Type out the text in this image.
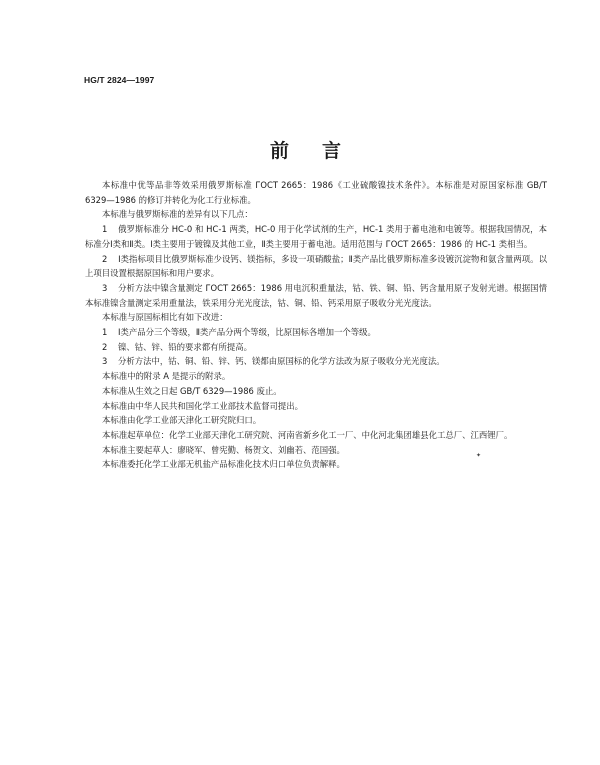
HG/T 2824—1997
前言

本标准中优等品非等效采用俄罗斯标准 ГОСТ 2665：1986《工业硫酸镍技术条件》。本标准是对原国家标准 GB/T 6329—1986 的修订并转化为化工行业标准。

本标准与俄罗斯标准的差异有以下几点：

1 俄罗斯标准分 HC-0 和 HC-1 两类，HC-0 用于化学试剂的生产，HC-1 类用于蓄电池和电镀等。根据我国情况，本标准分Ⅰ类和Ⅱ类。Ⅰ类主要用于镀镍及其他工业，Ⅱ类主要用于蓄电池。适用范围与 ГОСТ 2665：1986 的 HC-1 类相当。

2 Ⅰ类指标项目比俄罗斯标准少设钙、镁指标，多设一项硝酸盐；Ⅱ类产品比俄罗斯标准多设镀沉淀物和氨含量两项。以上项目设置根据原国标和用户要求。

3 分析方法中镍含量测定 ГОСТ 2665：1986 用电沉积重量法，钴、铁、铜、铅、钙含量用原子发射光谱。根据国情本标准镍含量测定采用重量法，铁采用分光光度法，钴、铜、铅、钙采用原子吸收分光光度法。

本标准与原国标相比有如下改进：

1 Ⅰ类产品分三个等级，Ⅱ类产品分两个等级，比原国标各增加一个等级。

2 镍、钴、锌、铅的要求都有所提高。

3 分析方法中，钴、铜、铅、锌、钙、镁都由原国标的化学方法改为原子吸收分光光度法。

本标准中的附录 A 是提示的附录。

本标准从生效之日起 GB/T 6329—1986 废止。

本标准由中华人民共和国化学工业部技术监督司提出。

本标准由化学工业部天津化工研究院归口。

本标准起草单位：化学工业部天津化工研究院、河南省新乡化工一厂、中化河北集团雄县化工总厂、江西锂厂。

本标准主要起草人：廖晓军、曾宪勤、杨贺文、刘幽若、范国强。

本标准委托化学工业部无机盐产品标准化技术归口单位负责解释。

✦
